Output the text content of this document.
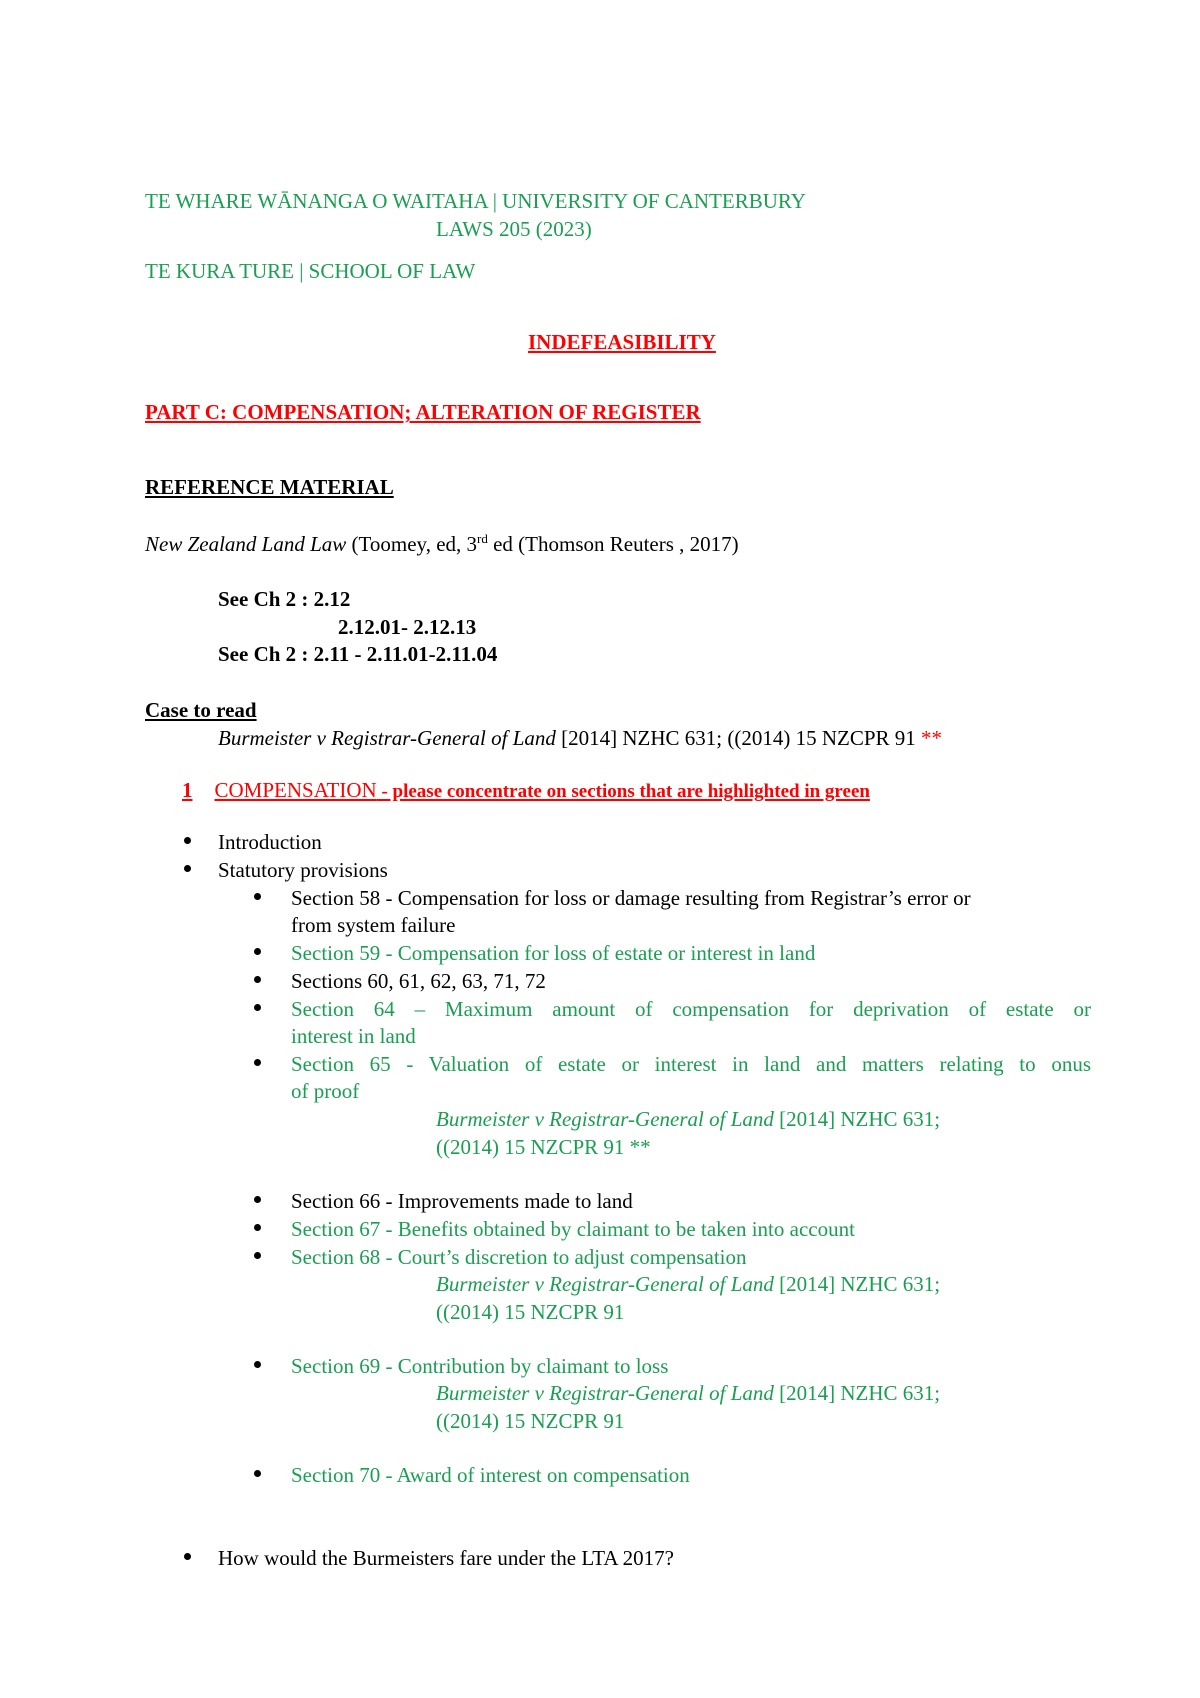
TE WHARE WĀNANGA O WAITAHA | UNIVERSITY OF CANTERBURY
LAWS 205 (2023)
TE KURA TURE | SCHOOL OF LAW
INDEFEASIBILITY
PART C: COMPENSATION; ALTERATION OF REGISTER
REFERENCE MATERIAL
New Zealand Land Law (Toomey, ed, 3rd ed (Thomson Reuters , 2017)
See Ch 2 : 2.12
2.12.01- 2.12.13
See Ch 2 : 2.11 - 2.11.01-2.11.04
Case to read
Burmeister v Registrar-General of Land [2014] NZHC 631; ((2014) 15 NZCPR 91 **
1 COMPENSATION - please concentrate on sections that are highlighted in green
Introduction
Statutory provisions
Section 58 - Compensation for loss or damage resulting from Registrar’s error or
from system failure
Section 59 - Compensation for loss of estate or interest in land
Sections 60, 61, 62, 63, 71, 72
Section 64 – Maximum amount of compensation for deprivation of estate or
interest in land
Section 65 - Valuation of estate or interest in land and matters relating to onus
of proof
Burmeister v Registrar-General of Land [2014] NZHC 631;
((2014) 15 NZCPR 91 **
Section 66 - Improvements made to land
Section 67 - Benefits obtained by claimant to be taken into account
Section 68 - Court’s discretion to adjust compensation
Burmeister v Registrar-General of Land [2014] NZHC 631;
((2014) 15 NZCPR 91
Section 69 - Contribution by claimant to loss
Burmeister v Registrar-General of Land [2014] NZHC 631;
((2014) 15 NZCPR 91
Section 70 - Award of interest on compensation
How would the Burmeisters fare under the LTA 2017?
